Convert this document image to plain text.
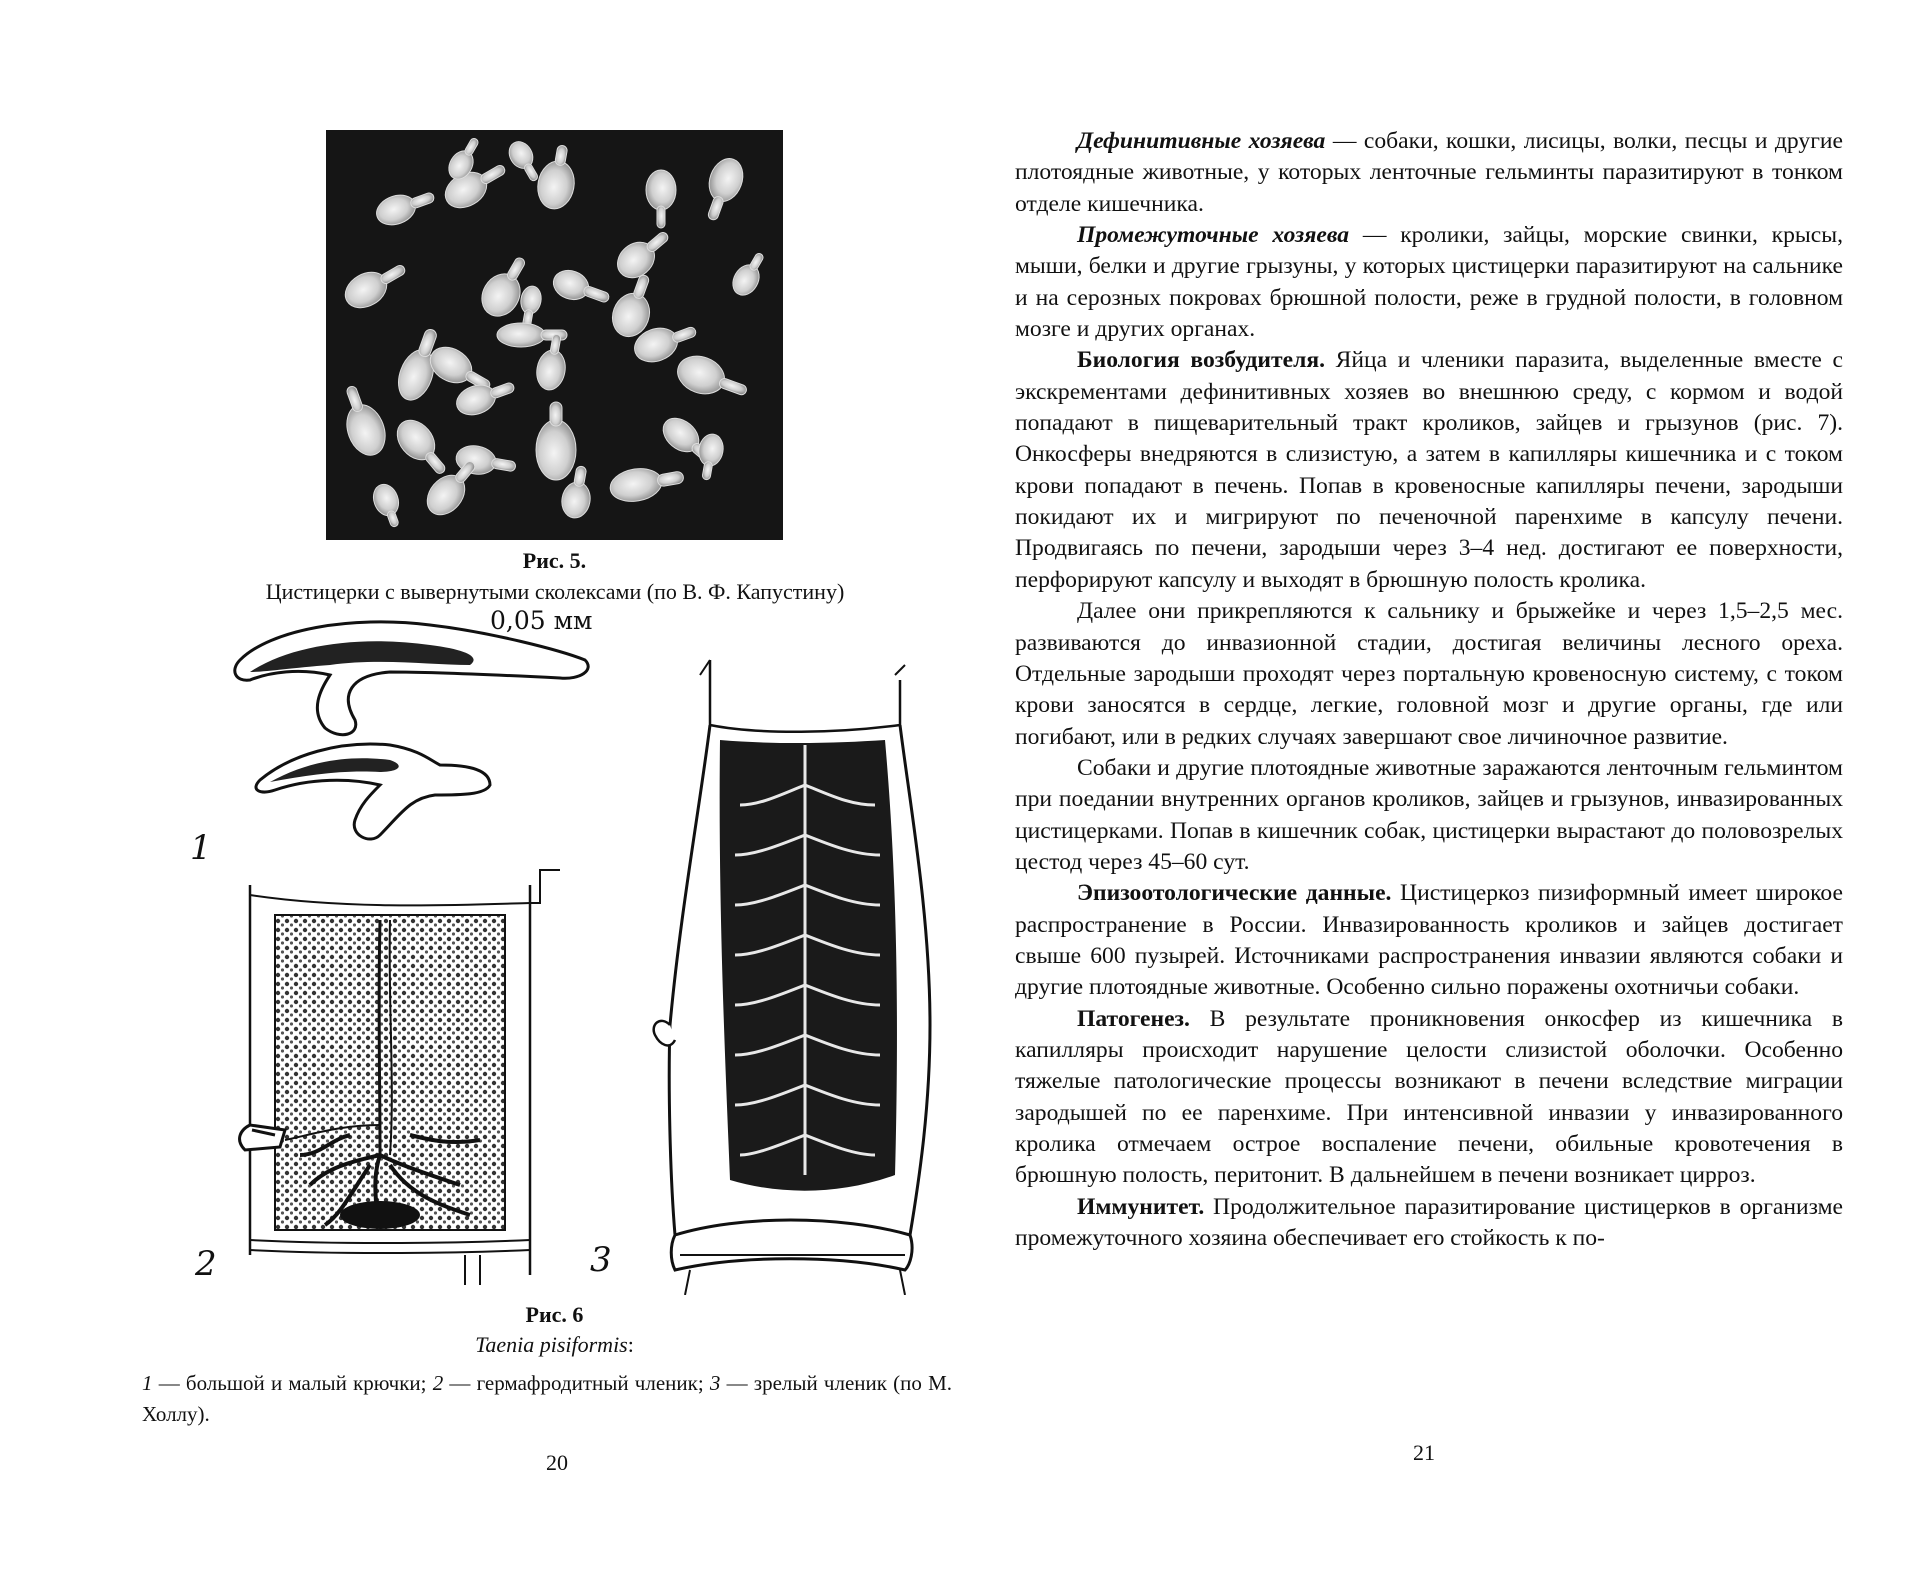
Рис. 5.
Цистицерки с вывернутыми сколексами (по В. Ф. Капустину)
0,05 мм
1
2	3
Рис. 6
Taenia pisiformis:
1 — большой и малый крючки; 2 — гермафродитный членик; 3 — зрелый членик (по М. Холлу).
20

Дефинитивные хозяева — собаки, кошки, лисицы, волки, песцы и другие плотоядные животные, у которых ленточные гельминты паразитируют в тонком отделе кишечника.

Промежуточные хозяева — кролики, зайцы, морские свинки, крысы, мыши, белки и другие грызуны, у которых цистицерки паразитируют на сальнике и на серозных покровах брюшной полости, реже в грудной полости, в головном мозге и других органах.

Биология возбудителя. Яйца и членики паразита, выделенные вместе с экскрементами дефинитивных хозяев во внешнюю среду, с кормом и водой попадают в пищеварительный тракт кроликов, зайцев и грызунов (рис. 7). Онкосферы внедряются в слизистую, а затем в капилляры кишечника и с током крови попадают в печень. Попав в кровеносные капилляры печени, зародыши покидают их и мигрируют по печеночной паренхиме в капсулу печени. Продвигаясь по печени, зародыши через 3–4 нед. достигают ее поверхности, перфорируют капсулу и выходят в брюшную полость кролика.

Далее они прикрепляются к сальнику и брыжейке и через 1,5–2,5 мес. развиваются до инвазионной стадии, достигая величины лесного ореха. Отдельные зародыши проходят через портальную кровеносную систему, с током крови заносятся в сердце, легкие, головной мозг и другие органы, где или погибают, или в редких случаях завершают свое личиночное развитие.

Собаки и другие плотоядные животные заражаются ленточным гельминтом при поедании внутренних органов кроликов, зайцев и грызунов, инвазированных цистицерками. Попав в кишечник собак, цистицерки вырастают до половозрелых цестод через 45–60 сут.

Эпизоотологические данные. Цистицеркоз пизиформный имеет широкое распространение в России. Инвазированность кроликов и зайцев достигает свыше 600 пузырей. Источниками распространения инвазии являются собаки и другие плотоядные животные. Особенно сильно поражены охотничьи собаки.

Патогенез. В результате проникновения онкосфер из кишечника в капилляры происходит нарушение целости слизистой оболочки. Особенно тяжелые патологические процессы возникают в печени вследствие миграции зародышей по ее паренхиме. При интенсивной инвазии у инвазированного кролика отмечаем острое воспаление печени, обильные кровотечения в брюшную полость, перитонит. В дальнейшем в печени возникает цирроз.

Иммунитет. Продолжительное паразитирование цистицерков в организме промежуточного хозяина обеспечивает его стойкость к по-

21
